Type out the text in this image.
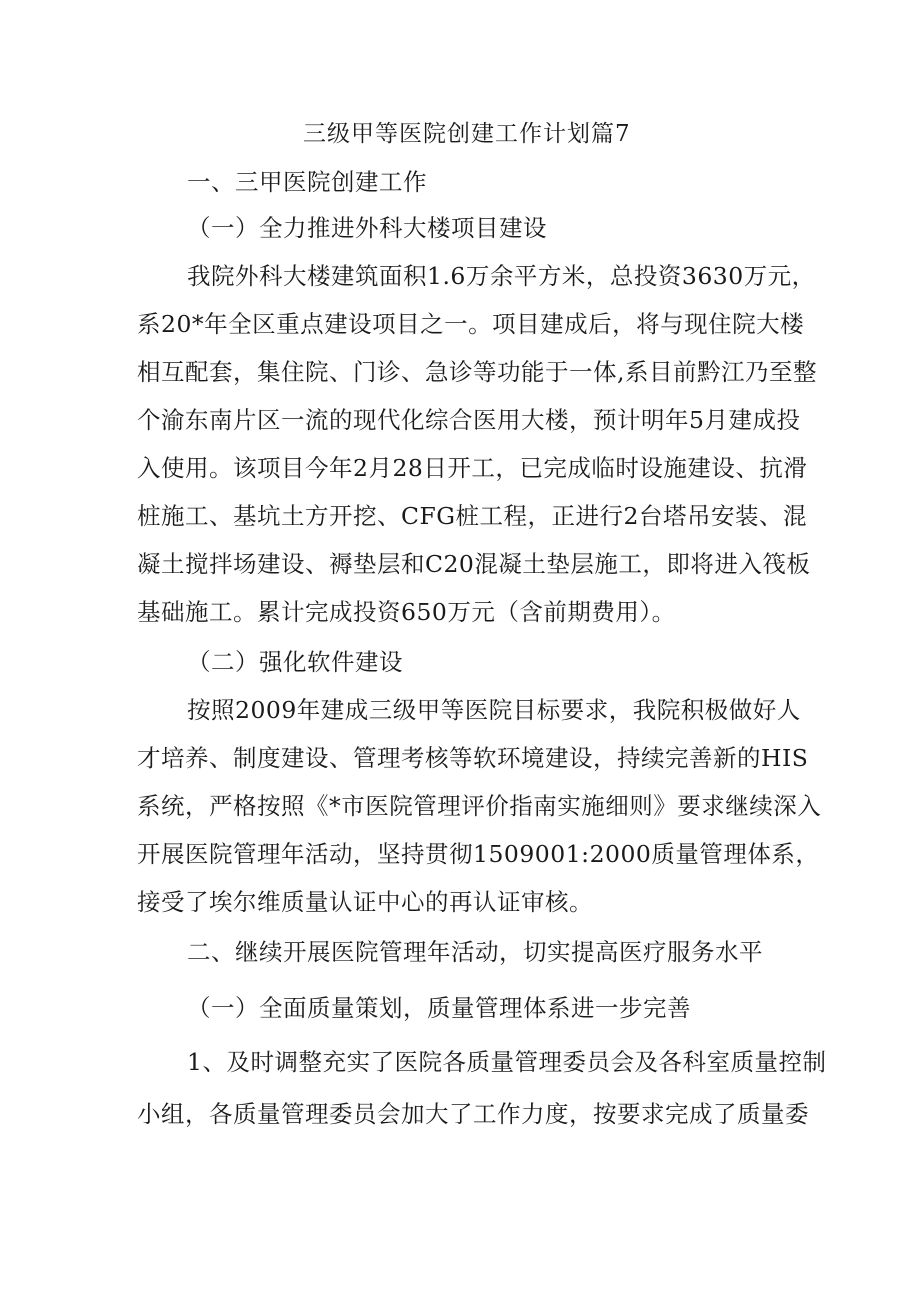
三级甲等医院创建工作计划篇7
一、三甲医院创建工作
（一）全力推进外科大楼项目建设
我院外科大楼建筑面积1.6万余平方米，总投资3630万元，
系20*年全区重点建设项目之一。项目建成后，将与现住院大楼
相互配套，集住院、门诊、急诊等功能于一体,系目前黔江乃至整
个渝东南片区一流的现代化综合医用大楼，预计明年5月建成投
入使用。该项目今年2月28日开工，已完成临时设施建设、抗滑
桩施工、基坑土方开挖、CFG桩工程，正进行2台塔吊安装、混
凝土搅拌场建设、褥垫层和C20混凝土垫层施工，即将进入筏板
基础施工。累计完成投资650万元（含前期费用）。
（二）强化软件建设
按照2009年建成三级甲等医院目标要求，我院积极做好人
才培养、制度建设、管理考核等软环境建设，持续完善新的HIS
系统，严格按照《*市医院管理评价指南实施细则》要求继续深入
开展医院管理年活动，坚持贯彻1509001:2000质量管理体系，
接受了埃尔维质量认证中心的再认证审核。
二、继续开展医院管理年活动，切实提高医疗服务水平
（一）全面质量策划，质量管理体系进一步完善
1、及时调整充实了医院各质量管理委员会及各科室质量控制
小组，各质量管理委员会加大了工作力度，按要求完成了质量委
